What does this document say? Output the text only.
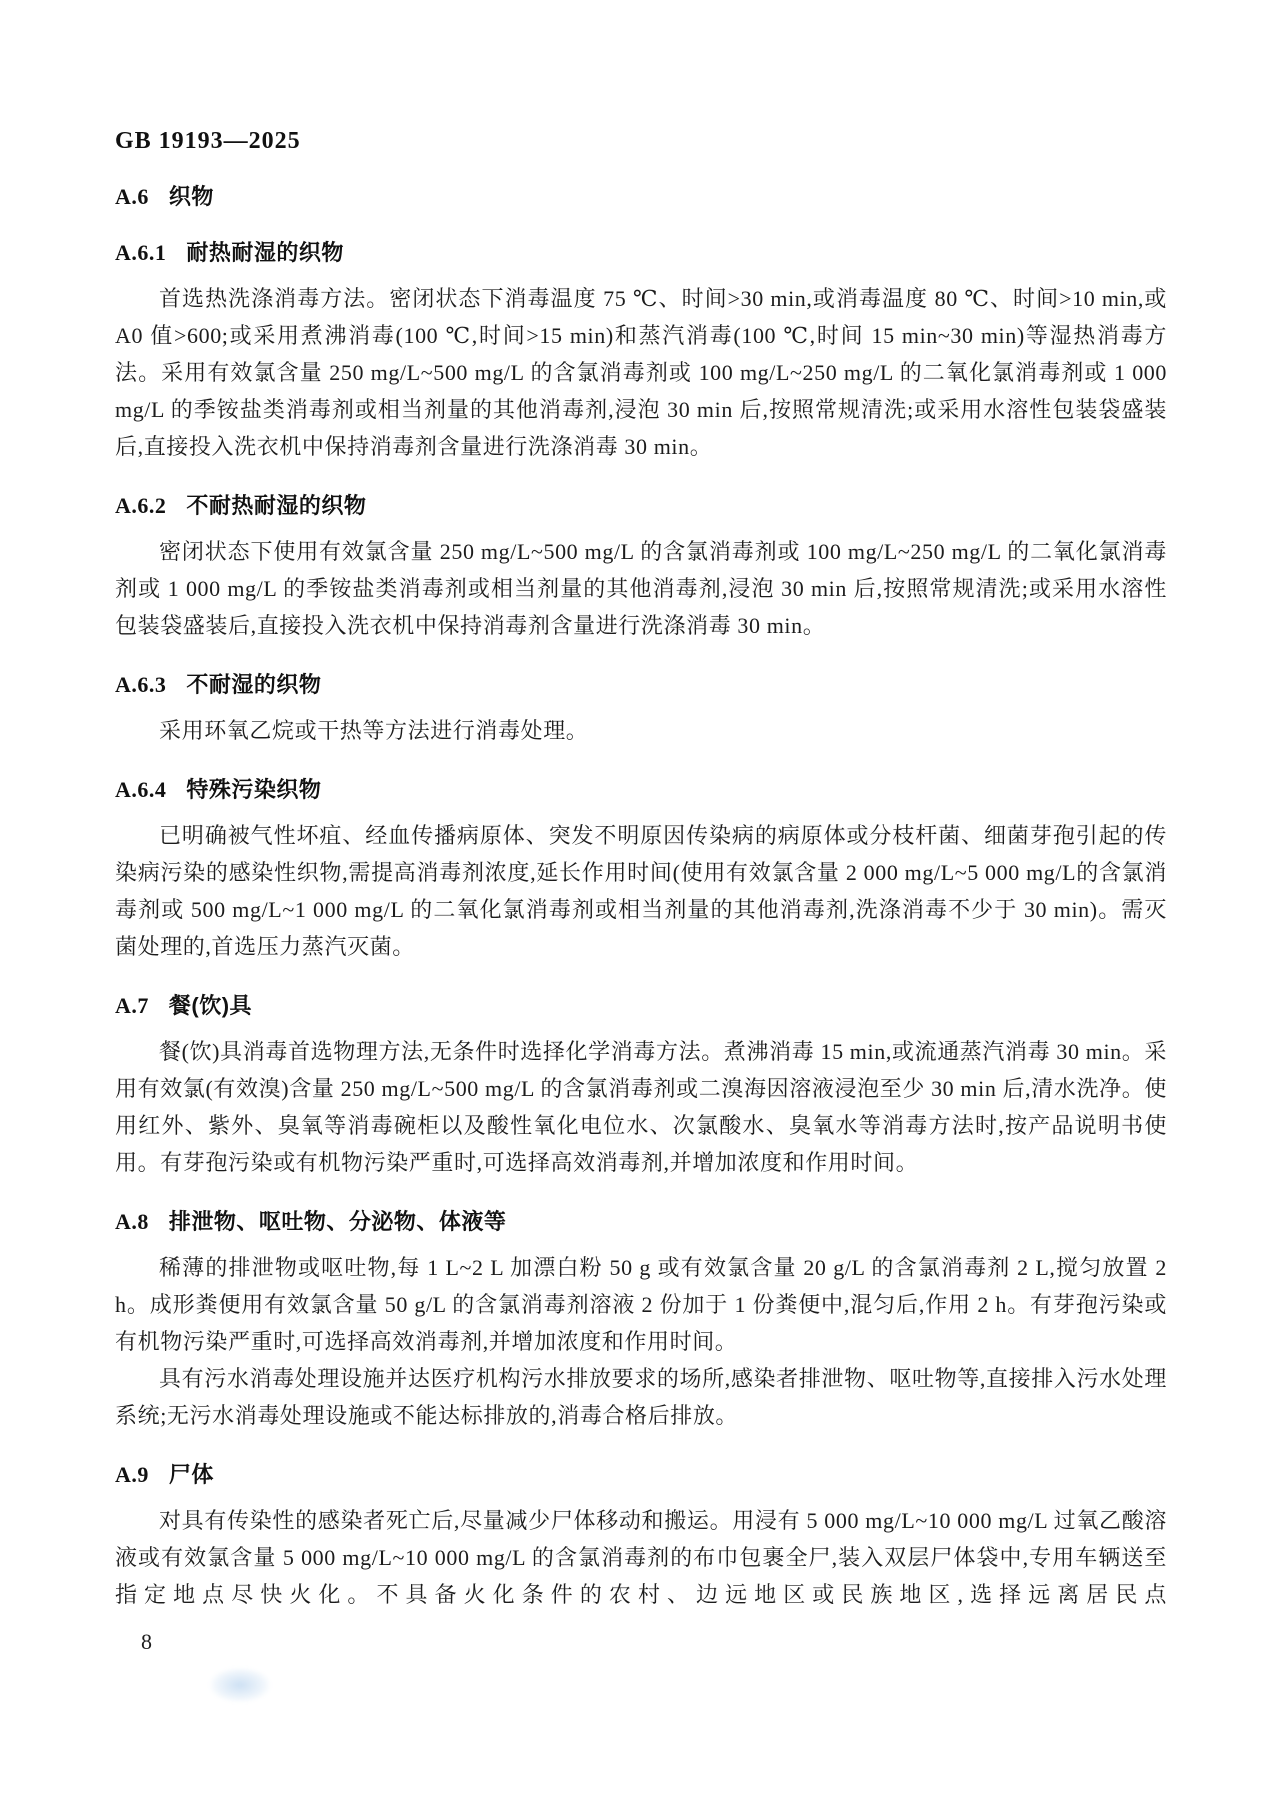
GB 19193—2025
A.6 织物
A.6.1 耐热耐湿的织物

首选热洗涤消毒方法。密闭状态下消毒温度 75 ℃、时间>30 min,或消毒温度 80 ℃、时间>10 min,或 A0 值>600;或采用煮沸消毒(100 ℃,时间>15 min)和蒸汽消毒(100 ℃,时间 15 min~30 min)等湿热消毒方法。采用有效氯含量 250 mg/L~500 mg/L 的含氯消毒剂或 100 mg/L~250 mg/L 的二氧化氯消毒剂或 1 000 mg/L 的季铵盐类消毒剂或相当剂量的其他消毒剂,浸泡 30 min 后,按照常规清洗;或采用水溶性包装袋盛装后,直接投入洗衣机中保持消毒剂含量进行洗涤消毒 30 min。

A.6.2 不耐热耐湿的织物

密闭状态下使用有效氯含量 250 mg/L~500 mg/L 的含氯消毒剂或 100 mg/L~250 mg/L 的二氧化氯消毒剂或 1 000 mg/L 的季铵盐类消毒剂或相当剂量的其他消毒剂,浸泡 30 min 后,按照常规清洗;或采用水溶性包装袋盛装后,直接投入洗衣机中保持消毒剂含量进行洗涤消毒 30 min。

A.6.3 不耐湿的织物

采用环氧乙烷或干热等方法进行消毒处理。

A.6.4 特殊污染织物

已明确被气性坏疽、经血传播病原体、突发不明原因传染病的病原体或分枝杆菌、细菌芽孢引起的传染病污染的感染性织物,需提高消毒剂浓度,延长作用时间(使用有效氯含量 2 000 mg/L~5 000 mg/L的含氯消毒剂或 500 mg/L~1 000 mg/L 的二氧化氯消毒剂或相当剂量的其他消毒剂,洗涤消毒不少于 30 min)。需灭菌处理的,首选压力蒸汽灭菌。

A.7 餐(饮)具

餐(饮)具消毒首选物理方法,无条件时选择化学消毒方法。煮沸消毒 15 min,或流通蒸汽消毒 30 min。采用有效氯(有效溴)含量 250 mg/L~500 mg/L 的含氯消毒剂或二溴海因溶液浸泡至少 30 min 后,清水洗净。使用红外、紫外、臭氧等消毒碗柜以及酸性氧化电位水、次氯酸水、臭氧水等消毒方法时,按产品说明书使用。有芽孢污染或有机物污染严重时,可选择高效消毒剂,并增加浓度和作用时间。

A.8 排泄物、呕吐物、分泌物、体液等

稀薄的排泄物或呕吐物,每 1 L~2 L 加漂白粉 50 g 或有效氯含量 20 g/L 的含氯消毒剂 2 L,搅匀放置 2 h。成形粪便用有效氯含量 50 g/L 的含氯消毒剂溶液 2 份加于 1 份粪便中,混匀后,作用 2 h。有芽孢污染或有机物污染严重时,可选择高效消毒剂,并增加浓度和作用时间。

具有污水消毒处理设施并达医疗机构污水排放要求的场所,感染者排泄物、呕吐物等,直接排入污水处理系统;无污水消毒处理设施或不能达标排放的,消毒合格后排放。

A.9 尸体

对具有传染性的感染者死亡后,尽量减少尸体移动和搬运。用浸有 5 000 mg/L~10 000 mg/L 过氧乙酸溶液或有效氯含量 5 000 mg/L~10 000 mg/L 的含氯消毒剂的布巾包裹全尸,装入双层尸体袋中,专用车辆送至指定地点尽快火化。不具备火化条件的农村、边远地区或民族地区,选择远离居民点

8
